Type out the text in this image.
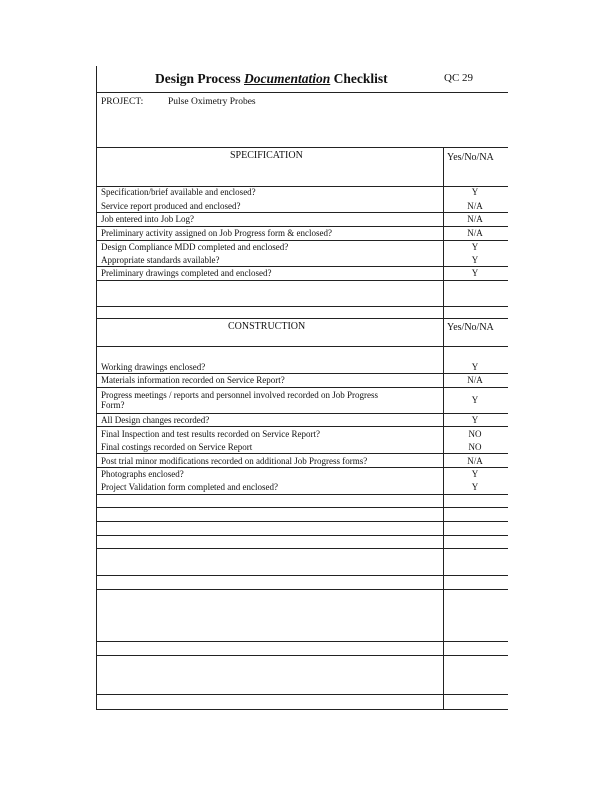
Design Process Documentation Checklist	QC 29
PROJECT:	Pulse Oximetry Probes
SPECIFICATION	Yes/No/NA
Specification/brief available and enclosed?	Y
Service report produced and enclosed?	N/A
Job entered into Job Log?	N/A
Preliminary activity assigned on Job Progress form & enclosed?	N/A
Design Compliance MDD completed and enclosed?	Y
Appropriate standards available?	Y
Preliminary drawings completed and enclosed?	Y
CONSTRUCTION	Yes/No/NA
Working drawings enclosed?	Y
Materials information recorded on Service Report?	N/A
Progress meetings / reports and personnel involved recorded on Job Progress Form?	Y
All Design changes recorded?	Y
Final Inspection and test results recorded on Service Report?	NO
Final costings recorded on Service Report	NO
Post trial minor modifications recorded on additional Job Progress forms?	N/A
Photographs enclosed?	Y
Project Validation form completed and enclosed?	Y
